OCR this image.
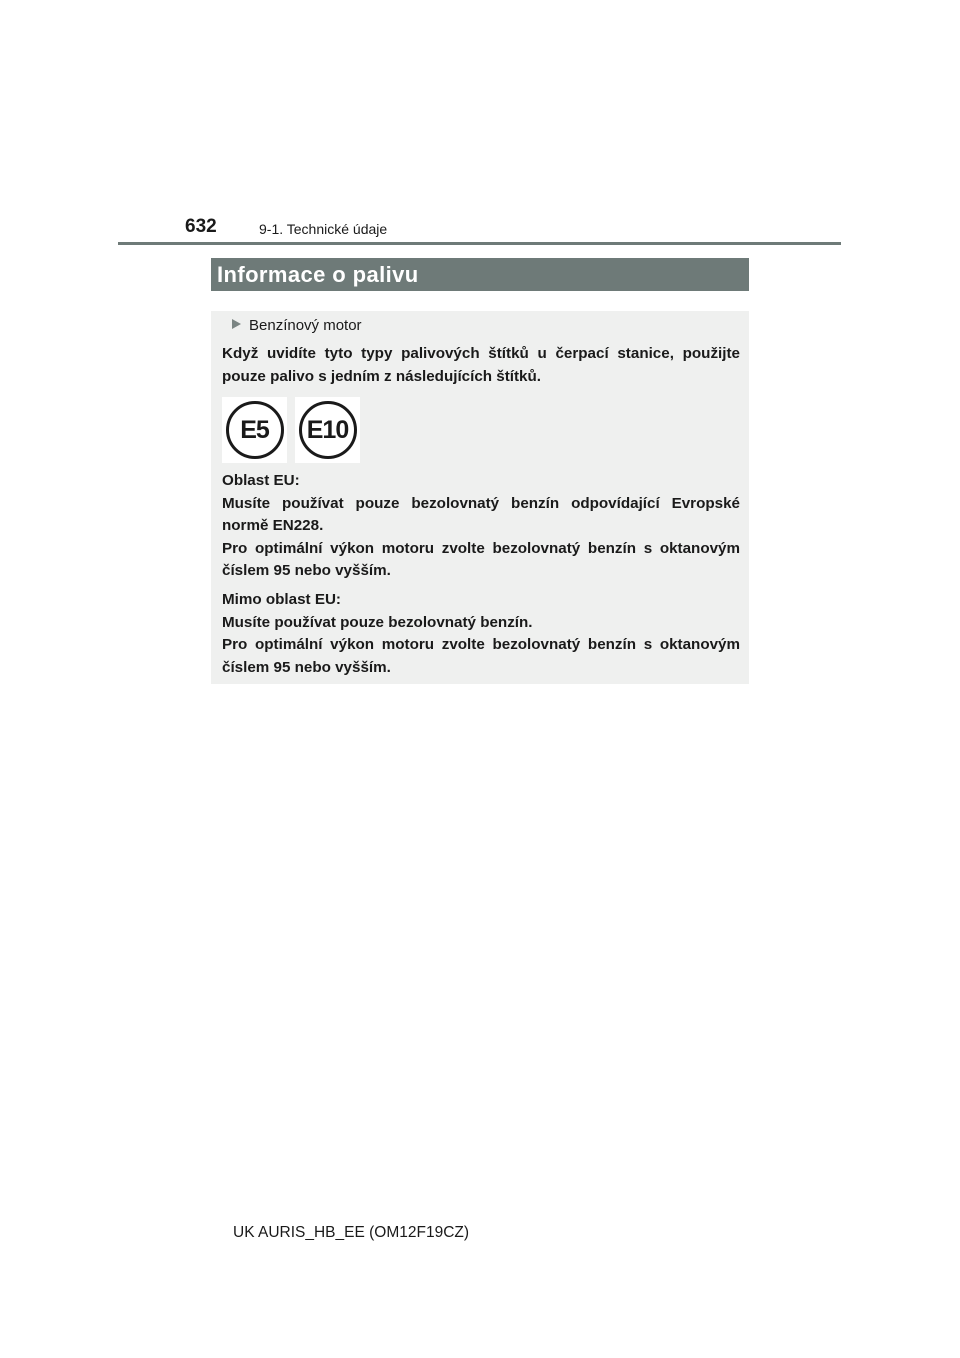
632	9-1. Technické údaje
Informace o palivu
Benzínový motor

Když uvidíte tyto typy palivových štítků u čerpací stanice, použijte pouze palivo s jedním z následujících štítků.

E5	E10
Oblast EU:
Musíte používat pouze bezolovnatý benzín odpovídající Evropské normě EN228.
Pro optimální výkon motoru zvolte bezolovnatý benzín s oktanovým číslem 95 nebo vyšším.
Mimo oblast EU:
Musíte používat pouze bezolovnatý benzín.
Pro optimální výkon motoru zvolte bezolovnatý benzín s oktanovým číslem 95 nebo vyšším.
UK AURIS_HB_EE (OM12F19CZ)
